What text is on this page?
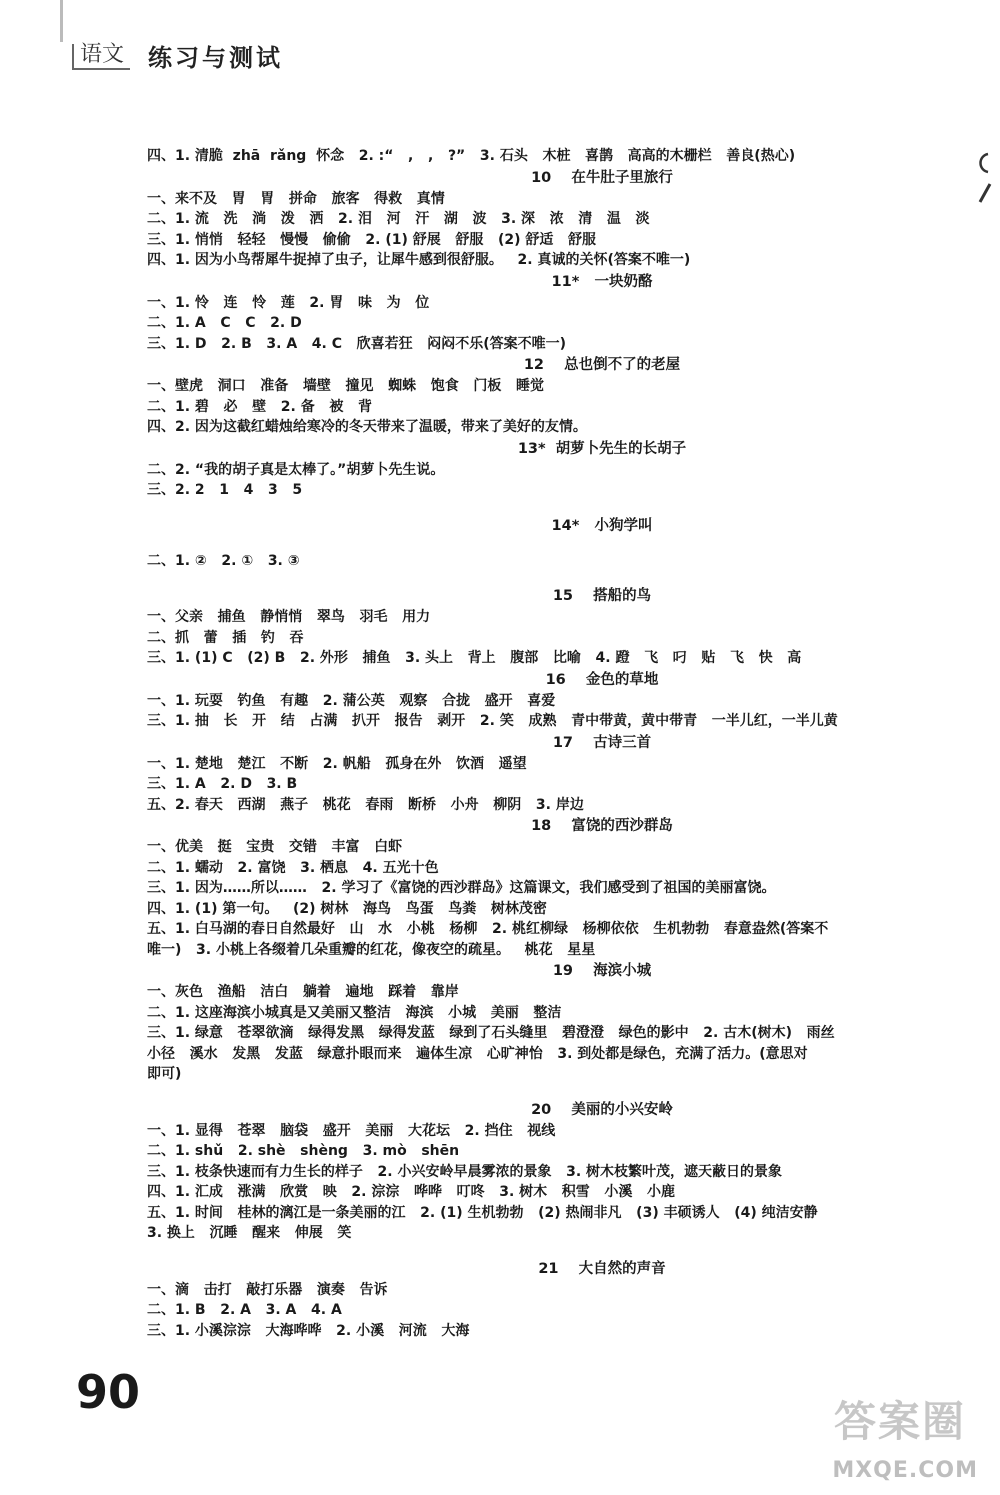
语文 练习与测试
四、1. 清脆  zhā  rǎng  怀念   2. :“   ,   ,   ?”   3. 石头   木桩   喜鹊   高高的木栅栏   善良(热心)
10    在牛肚子里旅行
一、来不及   胃   胃   拼命   旅客   得救   真情
二、1. 流   洗   淌   泼   洒   2. 泪   河   汗   湖   波   3. 深   浓   清   温   淡
三、1. 悄悄   轻轻   慢慢   偷偷   2. (1) 舒展   舒服   (2) 舒适   舒服
四、1. 因为小鸟帮犀牛捉掉了虫子，让犀牛感到很舒服。   2. 真诚的关怀(答案不唯一)
11*   一块奶酪
一、1. 怜   连   怜   莲   2. 胃   味   为   位
二、1. A   C   C   2. D
三、1. D   2. B   3. A   4. C   欣喜若狂   闷闷不乐(答案不唯一)
12    总也倒不了的老屋
一、壁虎   洞口   准备   墙壁   撞见   蜘蛛   饱食   门板   睡觉
二、1. 碧   必   壁   2. 备   被   背
四、2. 因为这截红蜡烛给寒冷的冬天带来了温暖，带来了美好的友情。
13*  胡萝卜先生的长胡子
二、2. “我的胡子真是太棒了。”胡萝卜先生说。
三、2. 2   1   4   3   5
14*   小狗学叫
二、1. ②   2. ①   3. ③
15    搭船的鸟
一、父亲   捕鱼   静悄悄   翠鸟   羽毛   用力
二、抓   蕾   插   钓   吞
三、1. (1) C   (2) B   2. 外形   捕鱼   3. 头上   背上   腹部   比喻   4. 蹬   飞   叼   贴   飞   快   高
16    金色的草地
一、1. 玩耍   钓鱼   有趣   2. 蒲公英   观察   合拢   盛开   喜爱
三、1. 抽   长   开   结   占满   扒开   报告   剥开   2. 笑   成熟   青中带黄，黄中带青   一半儿红，一半儿黄
17    古诗三首
一、1. 楚地   楚江   不断   2. 帆船   孤身在外   饮酒   遥望
三、1. A   2. D   3. B
五、2. 春天   西湖   燕子   桃花   春雨   断桥   小舟   柳阴   3. 岸边
18    富饶的西沙群岛
一、优美   挺   宝贵   交错   丰富   白虾
二、1. 蠕动   2. 富饶   3. 栖息   4. 五光十色
三、1. 因为……所以……   2. 学习了《富饶的西沙群岛》这篇课文，我们感受到了祖国的美丽富饶。
四、1. (1) 第一句。   (2) 树林   海鸟   鸟蛋   鸟粪   树林茂密
五、1. 白马湖的春日自然最好   山   水   小桃   杨柳   2. 桃红柳绿   杨柳依依   生机勃勃   春意盎然(答案不
唯一)   3. 小桃上各缀着几朵重瓣的红花，像夜空的疏星。   桃花   星星
19    海滨小城
一、灰色   渔船   洁白   躺着   遍地   踩着   靠岸
二、1. 这座海滨小城真是又美丽又整洁   海滨   小城   美丽   整洁
三、1. 绿意   苍翠欲滴   绿得发黑   绿得发蓝   绿到了石头缝里   碧澄澄   绿色的影中   2. 古木(树木)   雨丝
小径   溪水   发黑   发蓝   绿意扑眼而来   遍体生凉   心旷神怡   3. 到处都是绿色，充满了活力。(意思对
即可)
20    美丽的小兴安岭
一、1. 显得   苍翠   脑袋   盛开   美丽   大花坛   2. 挡住   视线
二、1. shǔ   2. shè   shèng   3. mò   shēn
三、1. 枝条快速而有力生长的样子   2. 小兴安岭早晨雾浓的景象   3. 树木枝繁叶茂，遮天蔽日的景象
四、1. 汇成   涨满   欣赏   映   2. 淙淙   哗哗   叮咚   3. 树木   积雪   小溪   小鹿
五、1. 时间   桂林的漓江是一条美丽的江   2. (1) 生机勃勃   (2) 热闹非凡   (3) 丰硕诱人   (4) 纯洁安静
3. 换上   沉睡   醒来   伸展   笑
21    大自然的声音
一、滴   击打   敲打乐器   演奏   告诉
二、1. B   2. A   3. A   4. A
三、1. 小溪淙淙   大海哗哗   2. 小溪   河流   大海
90
答案圈
MXQE.COM
